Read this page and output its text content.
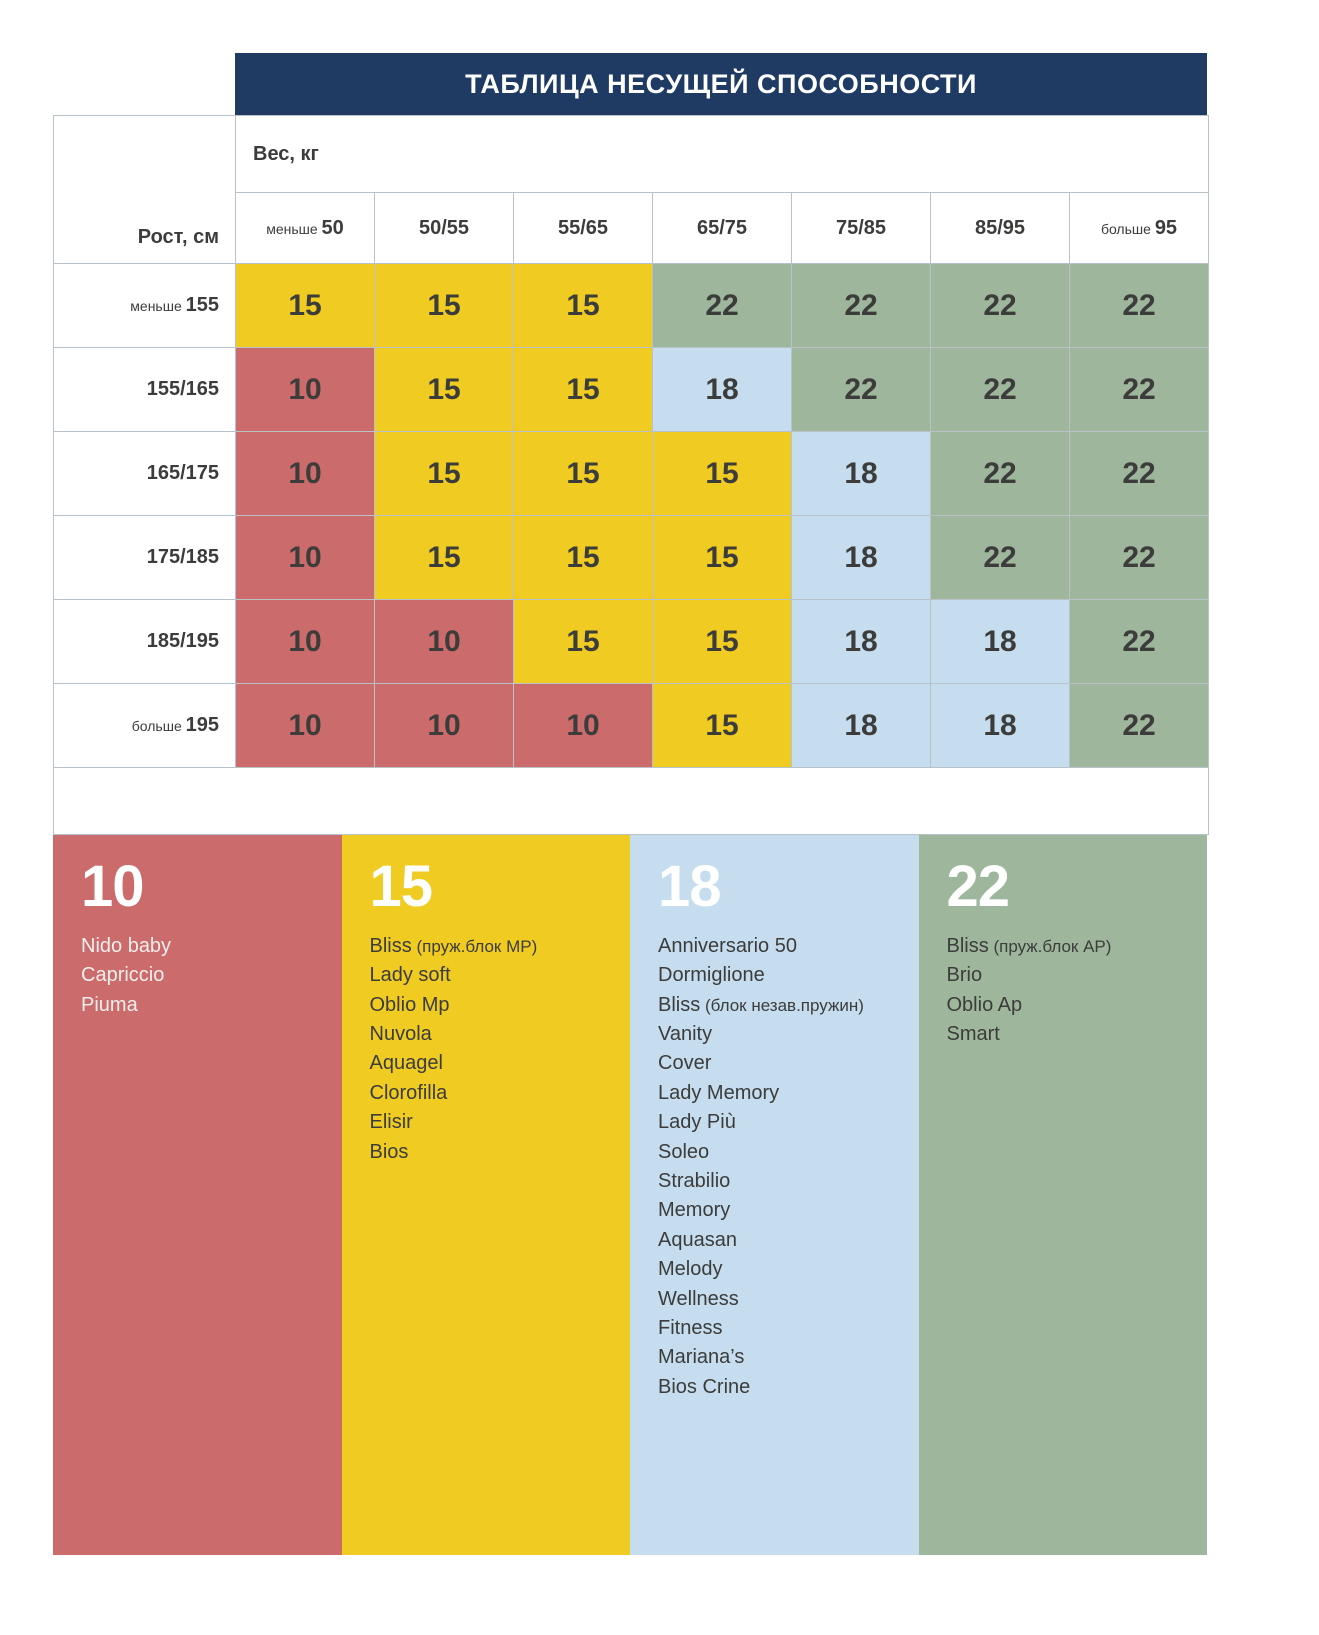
ТАБЛИЦА НЕСУЩЕЙ СПОСОБНОСТИ
Рост, см	Вес, кг						
	меньше 50	50/55	55/65	65/75	75/85	85/95	больше 95
меньше 155	15	15	15	22	22	22	22
155/165	10	15	15	18	22	22	22
165/175	10	15	15	15	18	22	22
175/185	10	15	15	15	18	22	22
185/195	10	10	15	15	18	18	22
больше 195	10	10	10	15	18	18	22

10
Nido baby
Capriccio
Piuma
15
Bliss (пруж.блок MP)
Lady soft
Oblio Mp
Nuvola
Aquagel
Clorofilla
Elisir
Bios
18
Anniversario 50
Dormiglione
Bliss (блок незав.пружин)
Vanity
Cover
Lady Memory
Lady Più
Soleo
Strabilio
Memory
Aquasan
Melody
Wellness
Fitness
Mariana’s
Bios Crine
22
Bliss (пруж.блок AP)
Brio
Oblio Ap
Smart
